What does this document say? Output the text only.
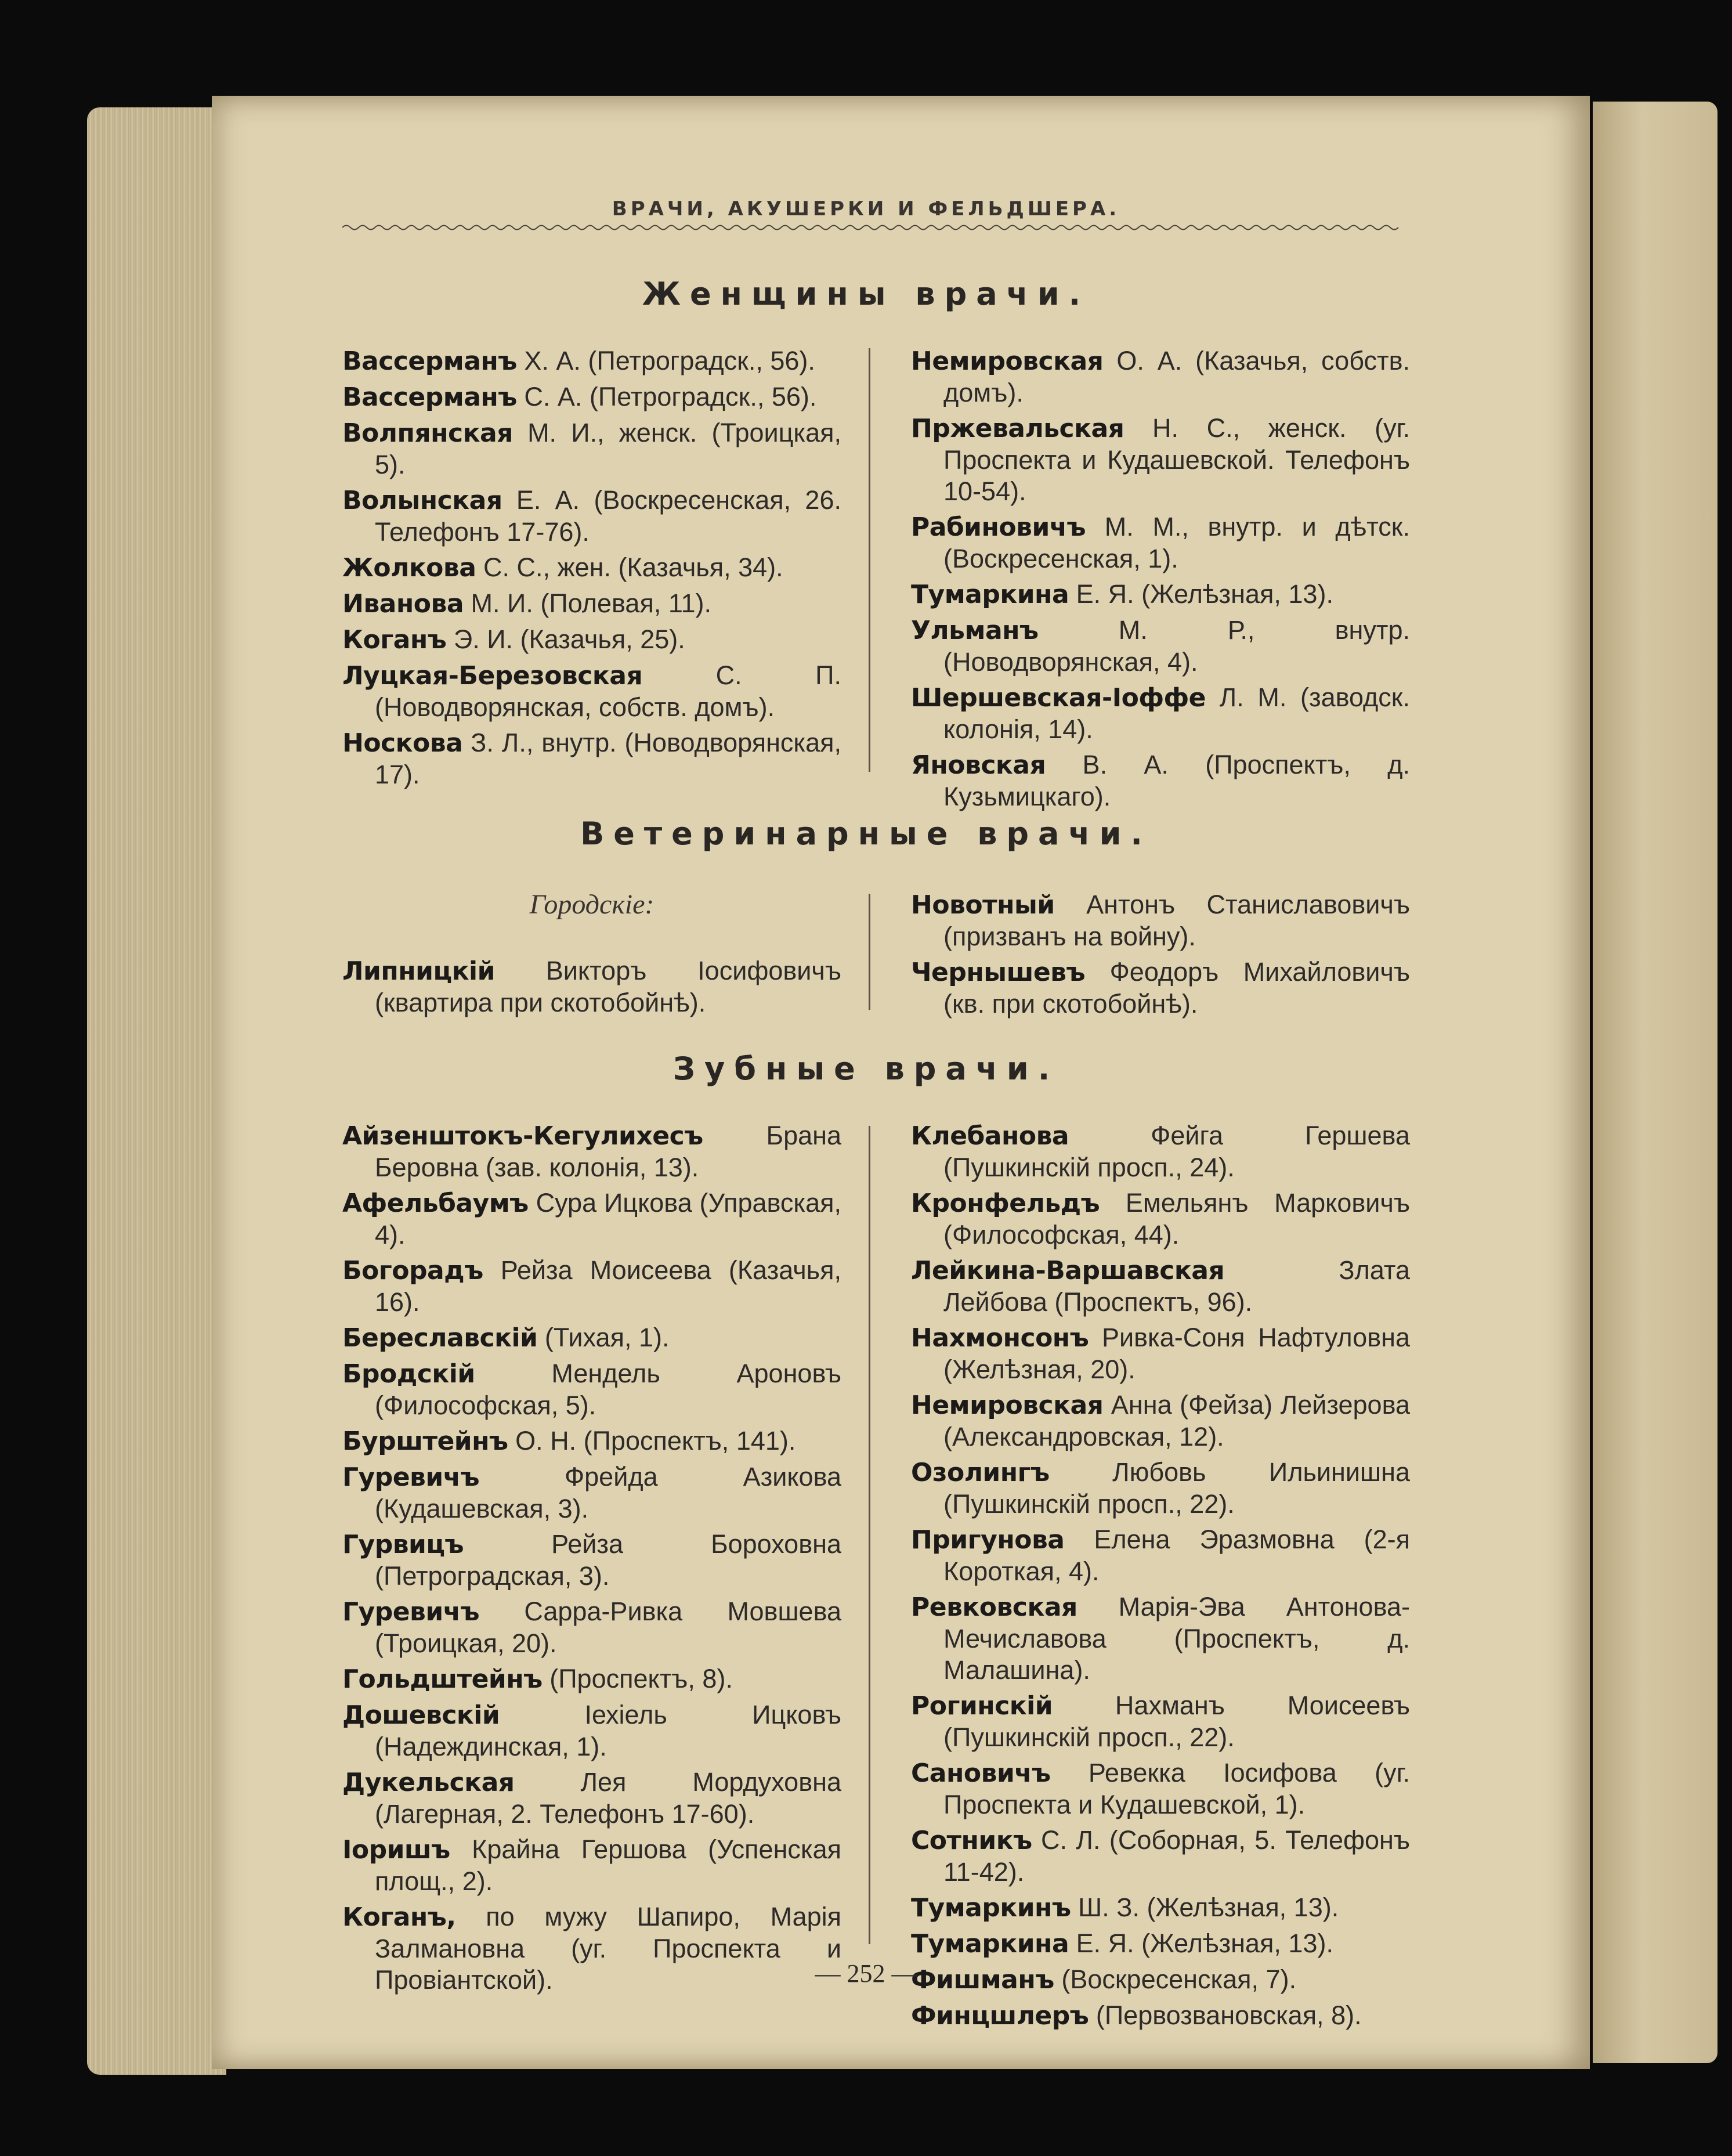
ВРАЧИ, АКУШЕРКИ И ФЕЛЬДШЕРА.
Женщины врачи.
Вассерманъ Х. А. (Петроградск., 56).
Вассерманъ С. А. (Петроградск., 56).
Волпянская М. И., женск. (Троицкая, 5).
Волынская Е. А. (Воскресенская, 26. Телефонъ 17-76).
Жолкова С. С., жен. (Казачья, 34).
Иванова М. И. (Полевая, 11).
Коганъ Э. И. (Казачья, 25).
Луцкая-Березовская С. П. (Новодворянская, собств. домъ).
Носкова З. Л., внутр. (Новодворянская, 17).
Немировская О. А. (Казачья, собств. домъ).
Пржевальская Н. С., женск. (уг. Проспекта и Кудашевской. Телефонъ 10-54).
Рабиновичъ М. М., внутр. и дѣтск. (Воскресенская, 1).
Тумаркина Е. Я. (Желѣзная, 13).
Ульманъ М. Р., внутр. (Новодворянская, 4).
Шершевская-Іоффе Л. М. (заводск. колонія, 14).
Яновская В. А. (Проспектъ, д. Кузьмицкаго).
Ветеринарные врачи.
Городскіе:
Липницкій Викторъ Іосифовичъ (квартира при скотобойнѣ).
Новотный Антонъ Станиславовичъ (призванъ на войну).
Чернышевъ Феодоръ Михайловичъ (кв. при скотобойнѣ).
Зубные врачи.
Айзенштокъ-Кегулихесъ Брана Беровна (зав. колонія, 13).
Афельбаумъ Сура Ицкова (Управская, 4).
Богорадъ Рейза Моисеева (Казачья, 16).
Береславскій (Тихая, 1).
Бродскій Мендель Ароновъ (Философская, 5).
Бурштейнъ О. Н. (Проспектъ, 141).
Гуревичъ Фрейда Азикова (Кудашевская, 3).
Гурвицъ Рейза Бороховна (Петроградская, 3).
Гуревичъ Сарра-Ривка Мовшева (Троицкая, 20).
Гольдштейнъ (Проспектъ, 8).
Дошевскій Іехіель Ицковъ (Надеждинская, 1).
Дукельская Лея Мордуховна (Лагерная, 2. Телефонъ 17-60).
Іоришъ Крайна Гершова (Успенская площ., 2).
Коганъ, по мужу Шапиро, Марія Залмановна (уг. Проспекта и Провіантской).
Клебанова Фейга Гершева (Пушкинскій просп., 24).
Кронфельдъ Емельянъ Марковичъ (Философская, 44).
Лейкина-Варшавская Злата Лейбова (Проспектъ, 96).
Нахмонсонъ Ривка-Соня Нафтуловна (Желѣзная, 20).
Немировская Анна (Фейза) Лейзерова (Александровская, 12).
Озолингъ Любовь Ильинишна (Пушкинскій просп., 22).
Пригунова Елена Эразмовна (2-я Короткая, 4).
Ревковская Марія-Эва Антонова-Мечиславова (Проспектъ, д. Малашина).
Рогинскій Нахманъ Моисеевъ (Пушкинскій просп., 22).
Сановичъ Ревекка Іосифова (уг. Проспекта и Кудашевской, 1).
Сотникъ С. Л. (Соборная, 5. Телефонъ 11-42).
Тумаркинъ Ш. З. (Желѣзная, 13).
Тумаркина Е. Я. (Желѣзная, 13).
Фишманъ (Воскресенская, 7).
Финцшлеръ (Первозвановская, 8).
— 252 —
